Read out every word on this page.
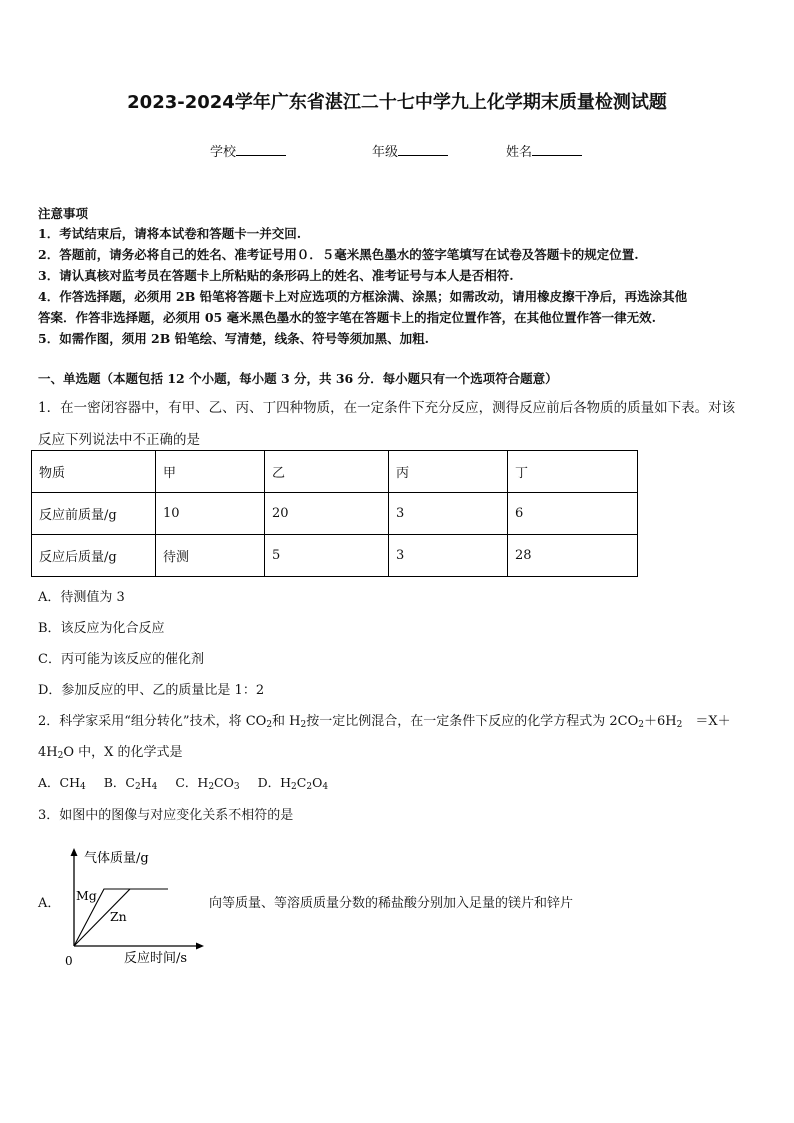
2023-2024学年广东省湛江二十七中学九上化学期末质量检测试题
学校	年级	姓名
注意事项
1．考试结束后，请将本试卷和答题卡一并交回.
2．答题前，请务必将自己的姓名、准考证号用０．５毫米黑色墨水的签字笔填写在试卷及答题卡的规定位置.
3．请认真核对监考员在答题卡上所粘贴的条形码上的姓名、准考证号与本人是否相符.
4．作答选择题，必须用 2B 铅笔将答题卡上对应选项的方框涂满、涂黑；如需改动，请用橡皮擦干净后，再选涂其他
答案．作答非选择题，必须用 05 毫米黑色墨水的签字笔在答题卡上的指定位置作答，在其他位置作答一律无效.
5．如需作图，须用 2B 铅笔绘、写清楚，线条、符号等须加黑、加粗.
一、单选题（本题包括 12 个小题，每小题 3 分，共 36 分．每小题只有一个选项符合题意）
1．在一密闭容器中，有甲、乙、丙、丁四种物质，在一定条件下充分反应，测得反应前后各物质的质量如下表。对该
反应下列说法中不正确的是
物质	甲	乙	丙	丁
反应前质量/g	10	20	3	6
反应后质量/g	待测	5	3	28
A．待测值为 3
B．该反应为化合反应
C．丙可能为该反应的催化剂
D．参加反应的甲、乙的质量比是 1：2
2．科学家采用“组分转化”技术，将 $CO_2$和 $H_2$按一定比例混合，在一定条件下反应的化学方程式为 $2CO_2+6H_2$　＝X＋
$4H_2O$ 中，X 的化学式是
A．$CH_4$ B．$C_2H_4$ C．$H_2CO_3$ D．$H_2C_2O_4$
3．如图中的图像与对应变化关系不相符的是
A．
气体质量/g
反应时间/s
0
Mg
Zn
向等质量、等溶质质量分数的稀盐酸分别加入足量的镁片和锌片
